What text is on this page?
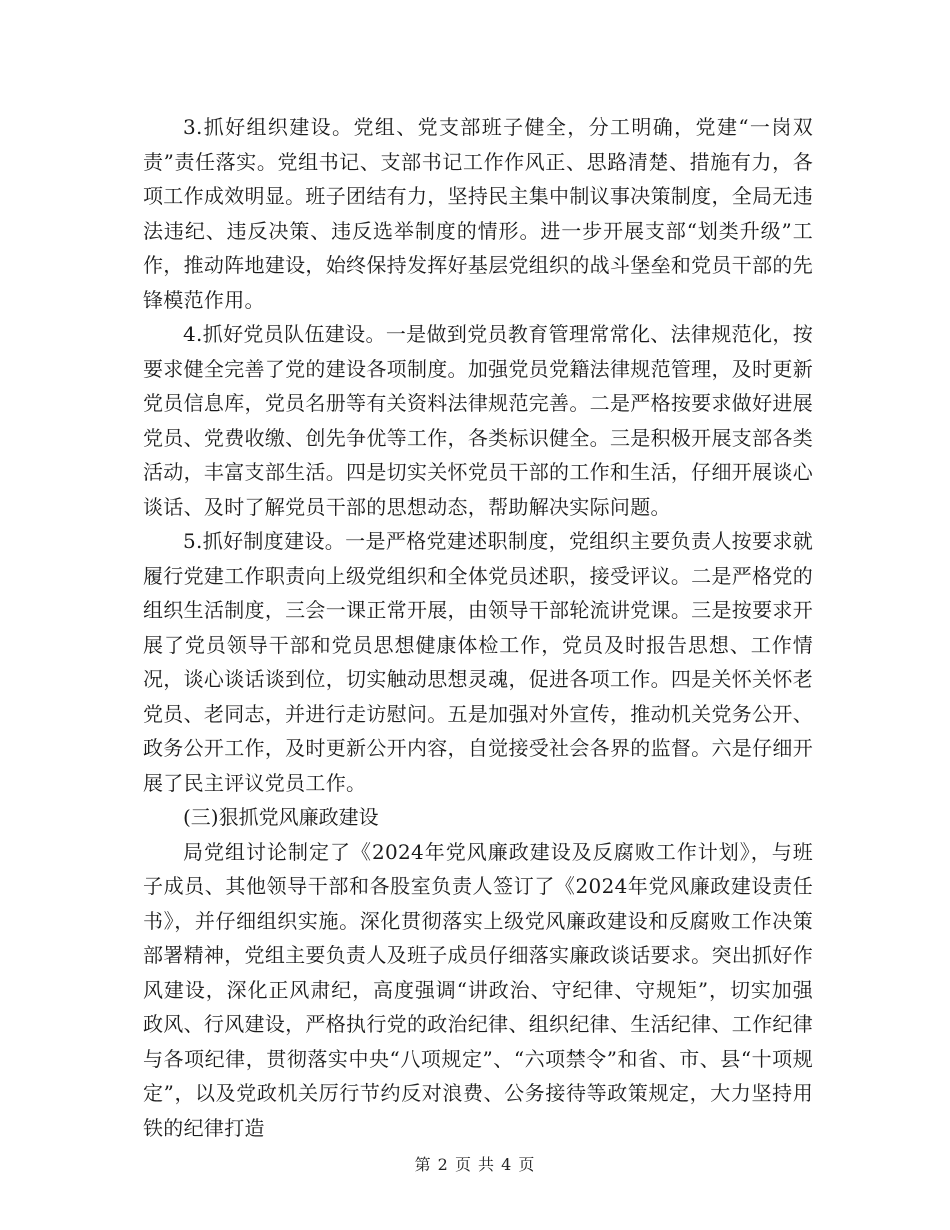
3.抓好组织建设。党组、党支部班子健全，分工明确，党建“一岗双责”责任落实。党组书记、支部书记工作作风正、思路清楚、措施有力，各项工作成效明显。班子团结有力，坚持民主集中制议事决策制度，全局无违法违纪、违反决策、违反选举制度的情形。进一步开展支部“划类升级”工作，推动阵地建设，始终保持发挥好基层党组织的战斗堡垒和党员干部的先锋模范作用。

4.抓好党员队伍建设。一是做到党员教育管理常常化、法律规范化，按要求健全完善了党的建设各项制度。加强党员党籍法律规范管理，及时更新党员信息库，党员名册等有关资料法律规范完善。二是严格按要求做好进展党员、党费收缴、创先争优等工作，各类标识健全。三是积极开展支部各类活动，丰富支部生活。四是切实关怀党员干部的工作和生活，仔细开展谈心谈话、及时了解党员干部的思想动态，帮助解决实际问题。

5.抓好制度建设。一是严格党建述职制度，党组织主要负责人按要求就履行党建工作职责向上级党组织和全体党员述职，接受评议。二是严格党的组织生活制度，三会一课正常开展，由领导干部轮流讲党课。三是按要求开展了党员领导干部和党员思想健康体检工作，党员及时报告思想、工作情况，谈心谈话谈到位，切实触动思想灵魂，促进各项工作。四是关怀关怀老党员、老同志，并进行走访慰问。五是加强对外宣传，推动机关党务公开、政务公开工作，及时更新公开内容，自觉接受社会各界的监督。六是仔细开展了民主评议党员工作。

(三)狠抓党风廉政建设

局党组讨论制定了《2024年党风廉政建设及反腐败工作计划》，与班子成员、其他领导干部和各股室负责人签订了《2024年党风廉政建设责任书》，并仔细组织实施。深化贯彻落实上级党风廉政建设和反腐败工作决策部署精神，党组主要负责人及班子成员仔细落实廉政谈话要求。突出抓好作风建设，深化正风肃纪，高度强调“讲政治、守纪律、守规矩”，切实加强政风、行风建设，严格执行党的政治纪律、组织纪律、生活纪律、工作纪律与各项纪律，贯彻落实中央“八项规定”、“六项禁令”和省、市、县“十项规定”，以及党政机关厉行节约反对浪费、公务接待等政策规定，大力坚持用铁的纪律打造

第 2 页 共 4 页
